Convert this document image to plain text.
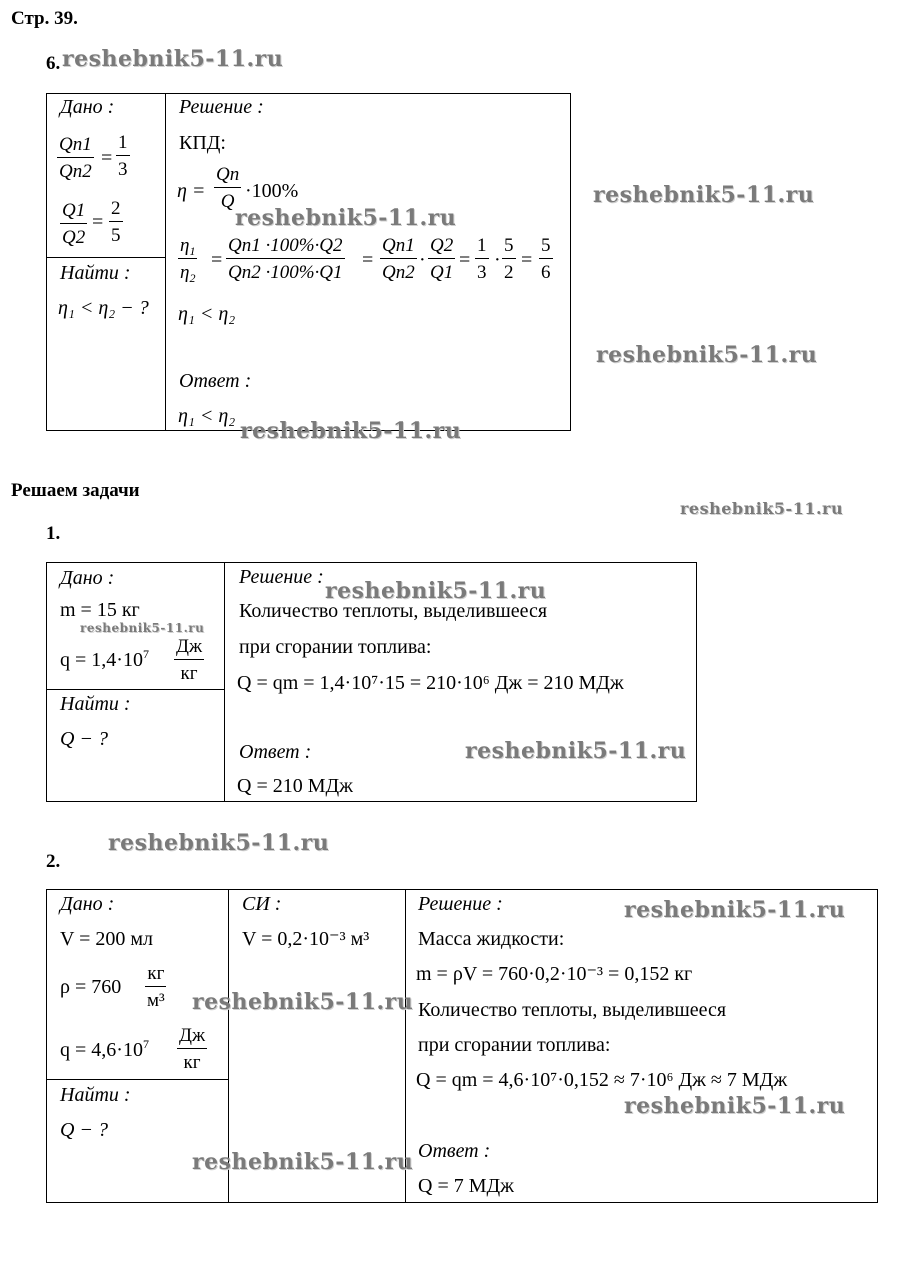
Стр. 39.
6. reshebnik5-11.ru
Дано :
Qп1
Qп2
= $\frac{1}{3}$
$\frac{Q1}{Q2} = \frac{2}{5}$
Найти :
η₁ < η₂ − ?
Решение :
КПД:
η =
Qп
Q ·100%
reshebnik5-11.ru
$\frac{\eta_1}{\eta_2}$ =
Qп1 ·100%·Q2
Qп2 ·100%·Q1
=
Qп1
Qп2
· $\frac{Q2}{Q1} = \frac{1}{3} \cdot \frac{5}{2} = \frac{5}{6}$
η₁ < η₂
Ответ :
η₁ < η₂
reshebnik5-11.ru
reshebnik5-11.ru
reshebnik5-11.ru
Решаем задачи
reshebnik5-11.ru
1.
Дано :
m = 15 кг
reshebnik5-11.ru
$q = 1,4\cdot 10^7$ Дж
кг
Найти :
Q − ?
Решение :
reshebnik5-11.ru
Количество теплоты, выделившееся
при сгорании топлива:
Q = qm = 1,4·10⁷·15 = 210·10⁶ Дж = 210 МДж
Ответ :	reshebnik5-11.ru
Q = 210 МДж
reshebnik5-11.ru
2.
Дано :
V = 200 мл
ρ = 760
кг
м³
$q = 4,6\cdot 10^7$ Дж
кг
Найти :
Q − ?
СИ :
V = 0,2·10⁻³ м³
Решение :	reshebnik5-11.ru
Масса жидкости:
m = ρV = 760·0,2·10⁻³ = 0,152 кг
reshebnik5-11.ru Количество теплоты, выделившееся
при сгорании топлива:
Q = qm = 4,6·10⁷·0,152 ≈ 7·10⁶ Дж ≈ 7 МДж
reshebnik5-11.ru
Ответ :
reshebnik5-11.ru
Q = 7 МДж
